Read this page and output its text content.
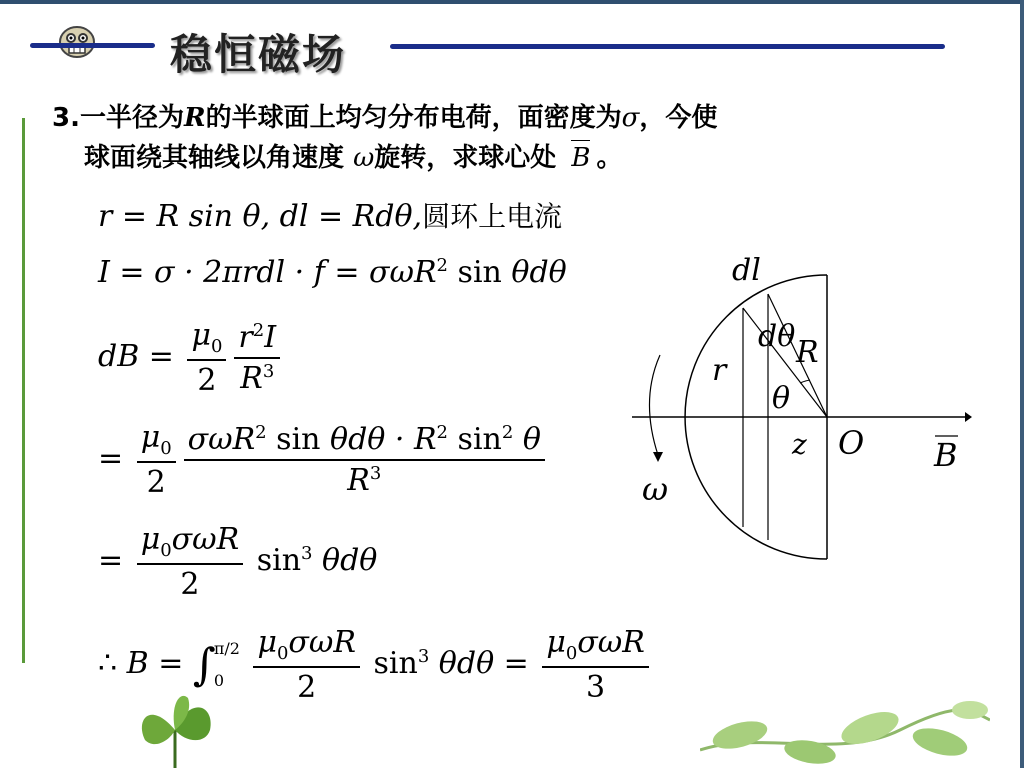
稳恒磁场
3.一半径为R的半球面上均匀分布电荷，面密度为σ，今使
球面绕其轴线以角速度 ω旋转，求球心处 B 。
r = R sin θ, dl = Rdθ,圆环上电流
I = σ · 2πrdl · f = σωR$^2$ sin θdθ
dB = $\frac{\mu_0}{2} \frac{r^2I}{R^3}$
= $\frac{\mu_0}{2} \frac{\sigma\omega R^2 \sin \theta d\theta \cdot R^2 \sin^2 \theta}{R^3}$
= $\frac{\mu_0\sigma\omega R}{2} \sin^3 \theta d\theta$
∴ B = ∫
π/2
0
$\frac{\mu_0\sigma\omega R}{2} \sin^3 \theta d\theta = \frac{\mu_0\sigma\omega R}{3}$
dl
dθ R
r
θ
z O B
ω
